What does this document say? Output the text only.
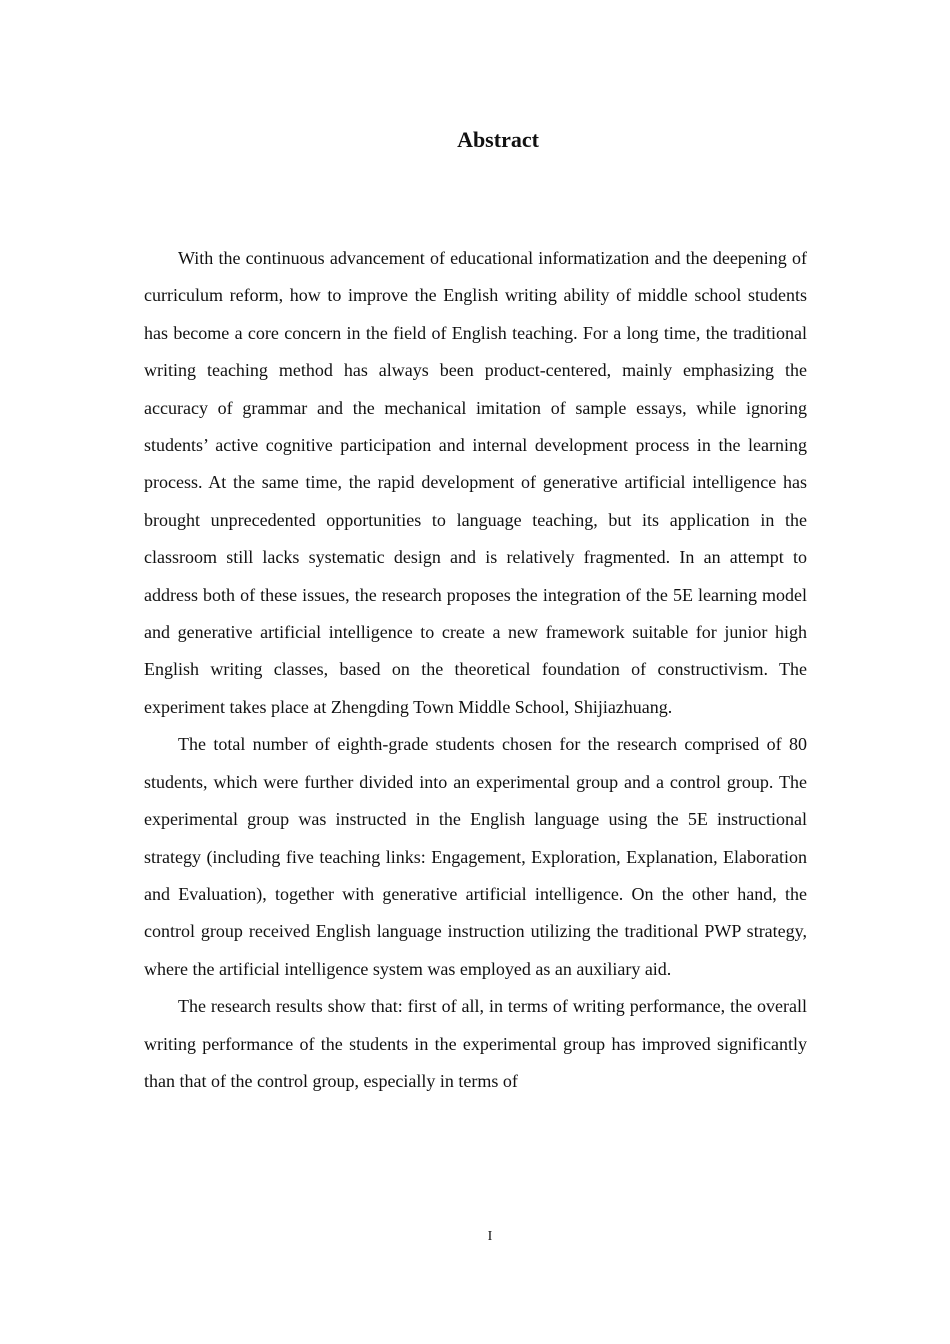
Abstract

With the continuous advancement of educational informatization and the deepening of curriculum reform, how to improve the English writing ability of middle school students has become a core concern in the field of English teaching. For a long time, the traditional writing teaching method has always been product-centered, mainly emphasizing the accuracy of grammar and the mechanical imitation of sample essays, while ignoring students’ active cognitive participation and internal development process in the learning process. At the same time, the rapid development of generative artificial intelligence has brought unprecedented opportunities to language teaching, but its application in the classroom still lacks systematic design and is relatively fragmented. In an attempt to address both of these issues, the research proposes the integration of the 5E learning model and generative artificial intelligence to create a new framework suitable for junior high English writing classes, based on the theoretical foundation of constructivism. The experiment takes place at Zhengding Town Middle School, Shijiazhuang.

The total number of eighth-grade students chosen for the research comprised of 80 students, which were further divided into an experimental group and a control group. The experimental group was instructed in the English language using the 5E instructional strategy (including five teaching links: Engagement, Exploration, Explanation, Elaboration and Evaluation), together with generative artificial intelligence. On the other hand, the control group received English language instruction utilizing the traditional PWP strategy, where the artificial intelligence system was employed as an auxiliary aid.

The research results show that: first of all, in terms of writing performance, the overall writing performance of the students in the experimental group has improved significantly than that of the control group, especially in terms of

I
